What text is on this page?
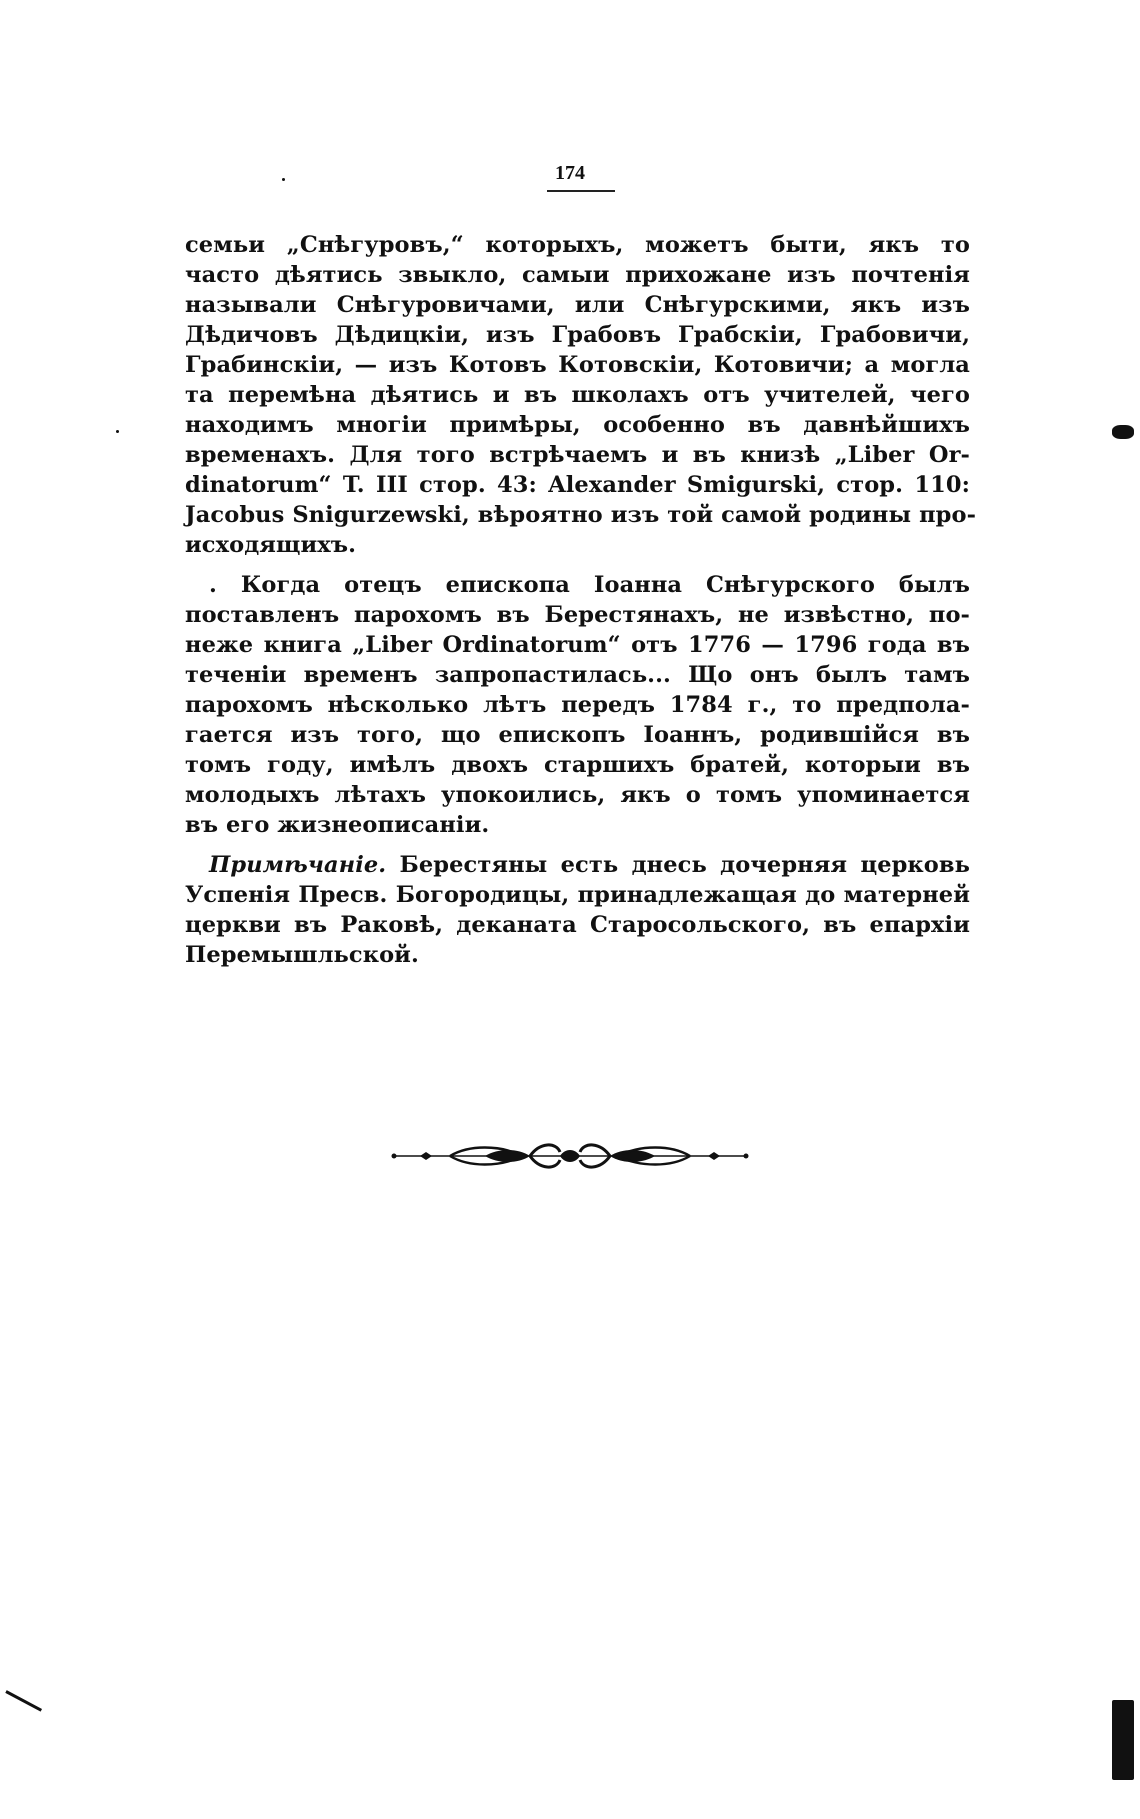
174
семьи „Снѣгуровъ,“ которыхъ, можетъ быти, якъ то
часто дѣятись звыкло, самыи прихожане изъ почтенія
называли Снѣгуровичами, или Снѣгурскими, якъ изъ
Дѣдичовъ Дѣдицкіи, изъ Грабовъ Грабскіи, Грабовичи,
Грабинскіи, — изъ Котовъ Котовскіи, Котовичи; а могла
та перемѣна дѣятись и въ школахъ отъ учителей, чего
находимъ многіи примѣры, особенно въ давнѣйшихъ
временахъ. Для того встрѣчаемъ и въ книзѣ „Liber Or-
dinatorum“ T. III стор. 43: Alexander Smigurski, стор. 110:
Jacobus Snigurzewski, вѣроятно изъ той самой родины про-
исходящихъ.
. Когда отецъ епископа Іоанна Снѣгурского былъ
поставленъ парохомъ въ Берестянахъ, не извѣстно, по-
неже книга „Liber Ordinatorum“ отъ 1776 — 1796 года въ
теченіи временъ запропастилась... Що онъ былъ тамъ
парохомъ нѣсколько лѣтъ передъ 1784 г., то предпола-
гается изъ того, що епископъ Іоаннъ, родившійся въ
томъ году, имѣлъ двохъ старшихъ братей, которыи въ
молодыхъ лѣтахъ упокоились, якъ о томъ упоминается
въ его жизнеописаніи.
Примѣчаніе. Берестяны есть днесь дочерняя церковь
Успенія Пресв. Богородицы, принадлежащая до матерней
церкви въ Раковѣ, деканата Старосольского, въ епархіи
Перемышльской.
